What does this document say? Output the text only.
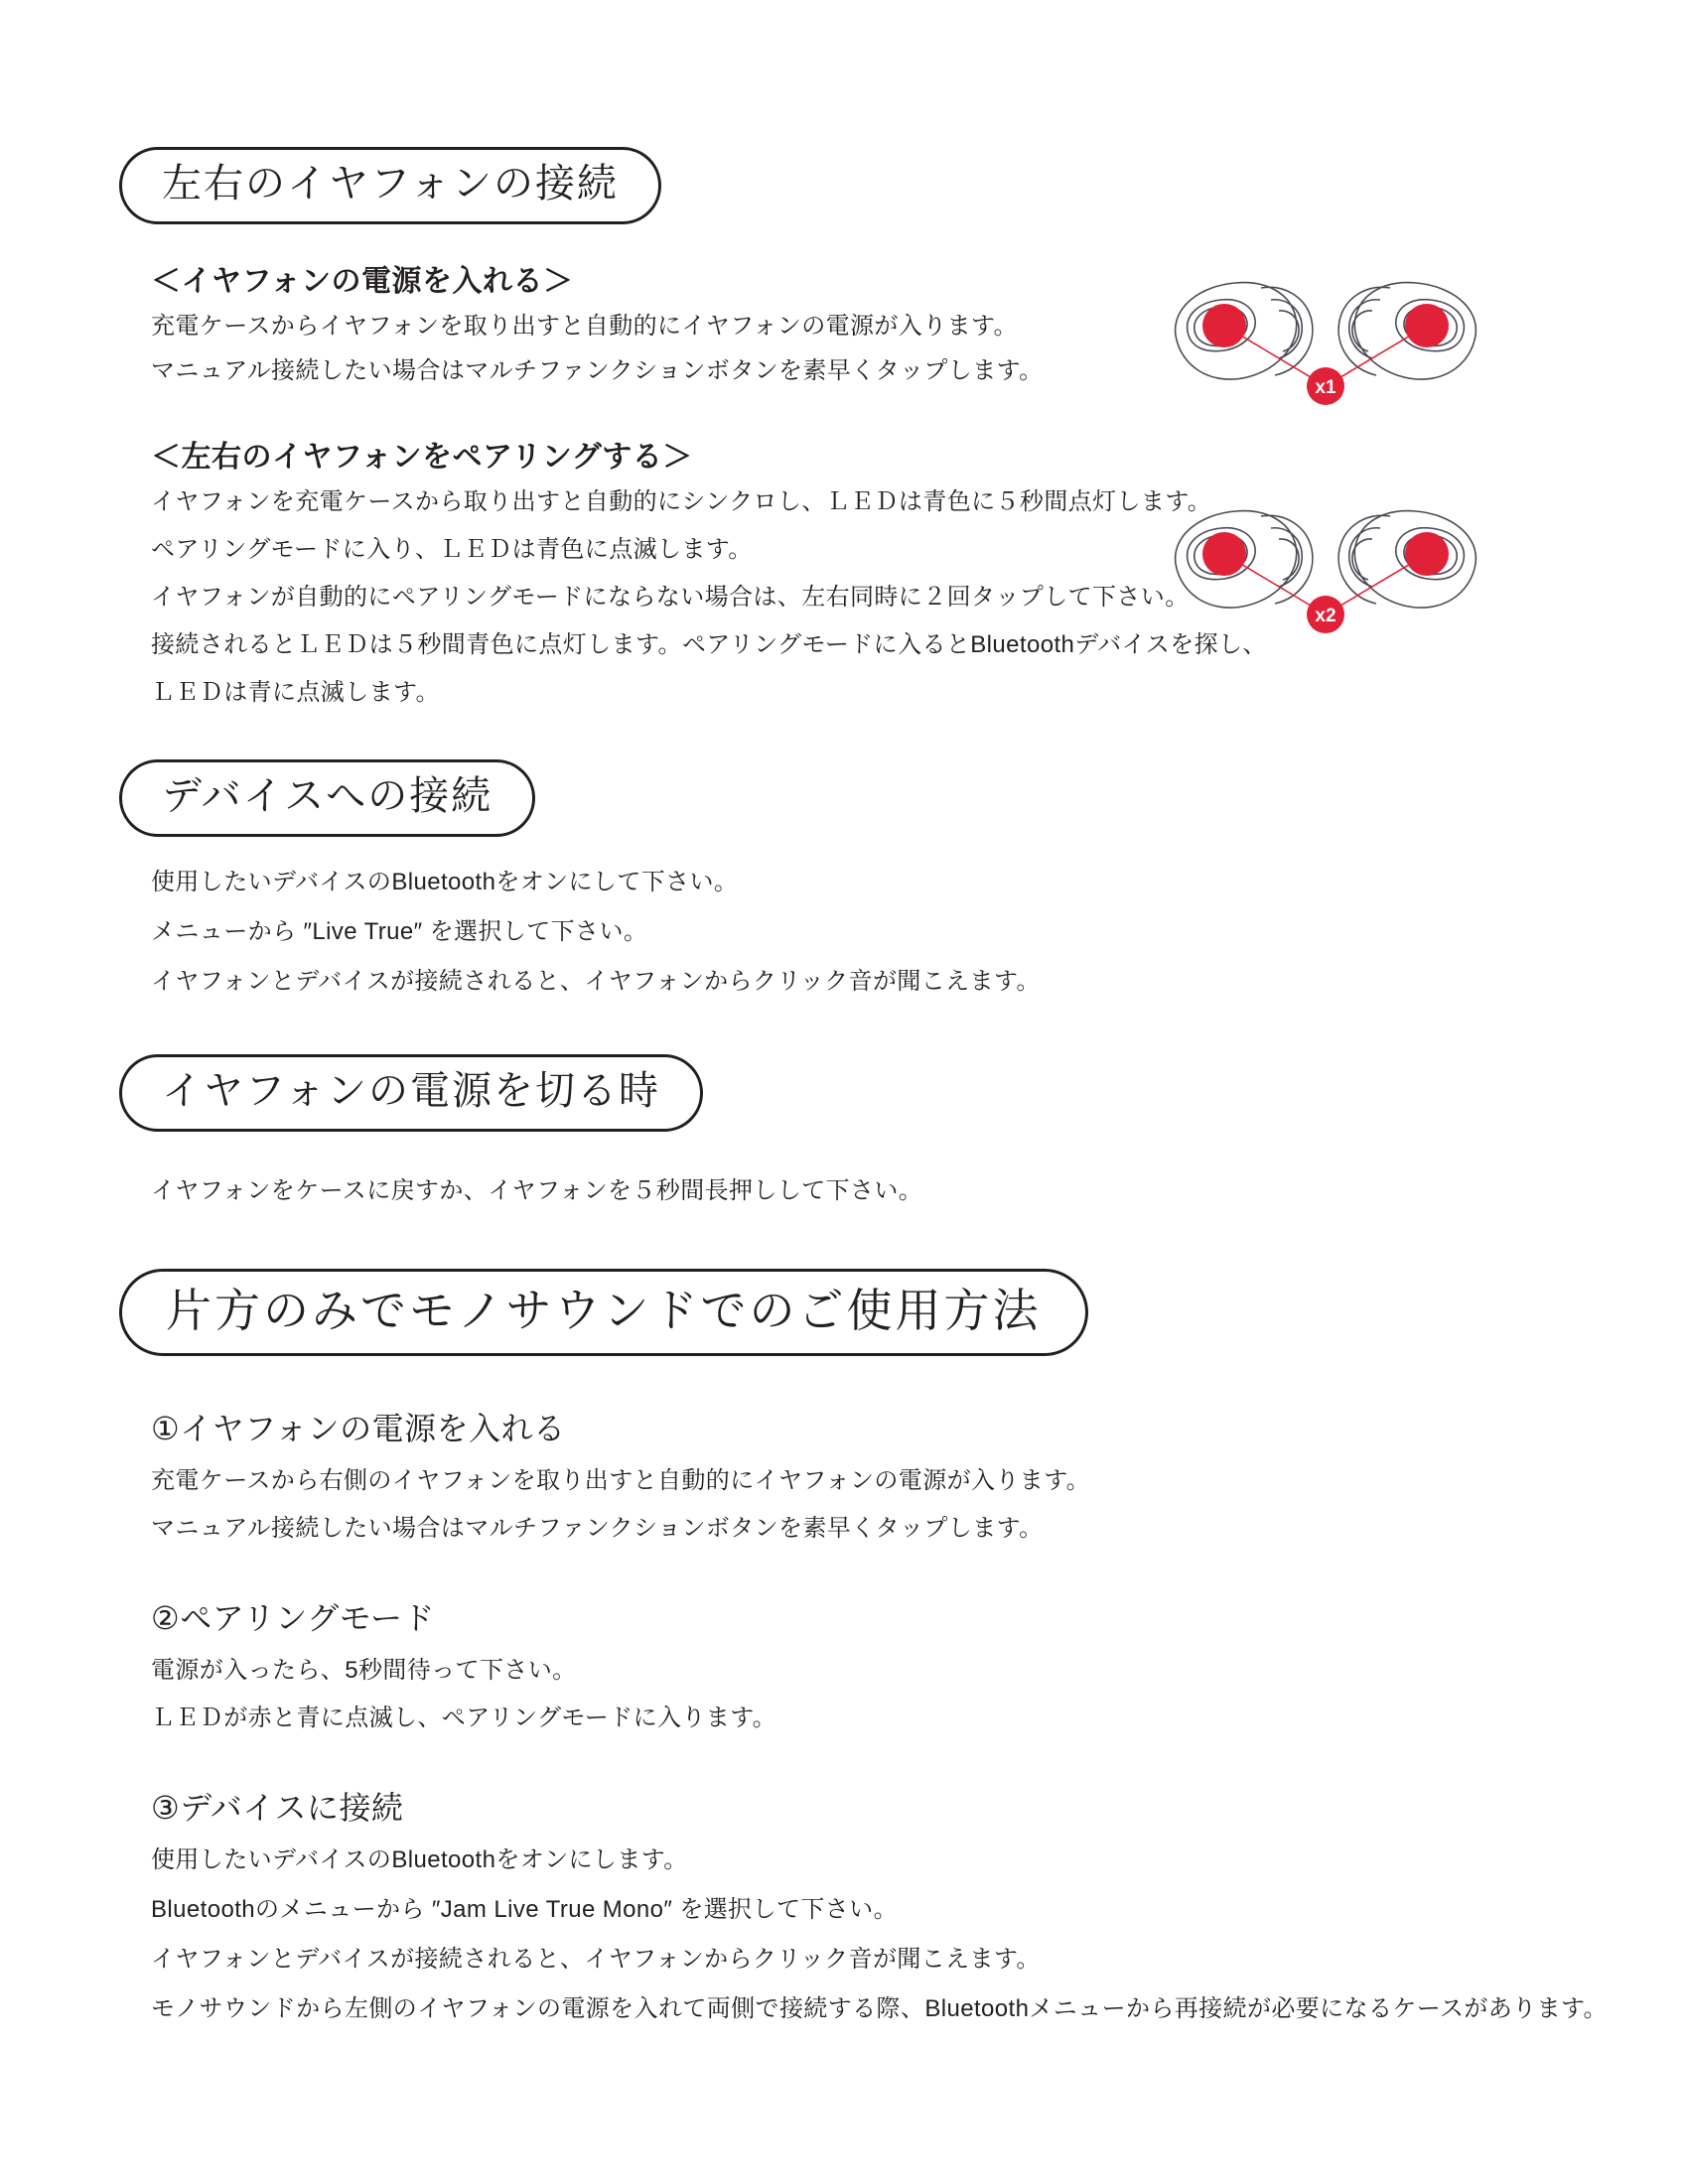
左右のイヤフォンの接続
＜イヤフォンの電源を入れる＞
充電ケースからイヤフォンを取り出すと自動的にイヤフォンの電源が入ります。
マニュアル接続したい場合はマルチファンクションボタンを素早くタップします。
＜左右のイヤフォンをペアリングする＞
イヤフォンを充電ケースから取り出すと自動的にシンクロし、ＬＥＤは青色に５秒間点灯します。
ペアリングモードに入り、ＬＥＤは青色に点滅します。
イヤフォンが自動的にペアリングモードにならない場合は、左右同時に２回タップして下さい。
接続されるとＬＥＤは５秒間青色に点灯します。ペアリングモードに入るとBluetoothデバイスを探し、
ＬＥＤは青に点滅します。
x1
x2
デバイスへの接続
使用したいデバイスのBluetoothをオンにして下さい。
メニューから ″Live True″ を選択して下さい。
イヤフォンとデバイスが接続されると、イヤフォンからクリック音が聞こえます。
イヤフォンの電源を切る時
イヤフォンをケースに戻すか、イヤフォンを５秒間長押しして下さい。
片方のみでモノサウンドでのご使用方法
①イヤフォンの電源を入れる
充電ケースから右側のイヤフォンを取り出すと自動的にイヤフォンの電源が入ります。
マニュアル接続したい場合はマルチファンクションボタンを素早くタップします。
②ペアリングモード
電源が入ったら、5秒間待って下さい。
ＬＥＤが赤と青に点滅し、ペアリングモードに入ります。
③デバイスに接続
使用したいデバイスのBluetoothをオンにします。
Bluetoothのメニューから ″Jam Live True Mono″ を選択して下さい。
イヤフォンとデバイスが接続されると、イヤフォンからクリック音が聞こえます。
モノサウンドから左側のイヤフォンの電源を入れて両側で接続する際、Bluetoothメニューから再接続が必要になるケースがあります。
